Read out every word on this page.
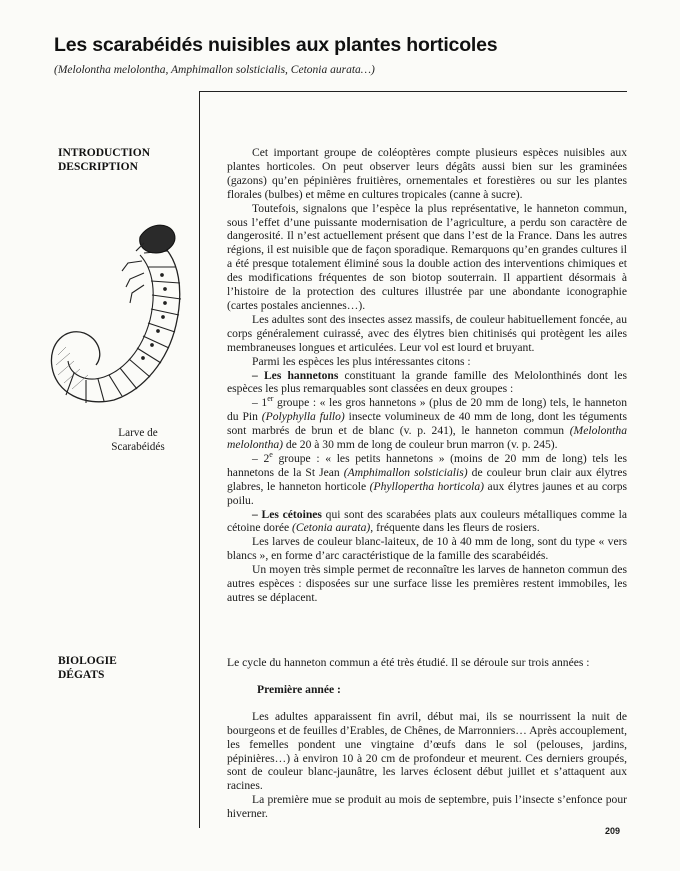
Les scarabéidés nuisibles aux plantes horticoles
(Melolontha melolontha, Amphimallon solsticialis, Cetonia aurata…)
INTRODUCTION
DESCRIPTION
Larve de
Scarabéidés
BIOLOGIE
DÉGATS

Cet important groupe de coléoptères compte plusieurs espèces nuisibles aux plantes horticoles. On peut observer leurs dégâts aussi bien sur les graminées (gazons) qu’en pépinières fruitières, ornementales et forestières ou sur les plantes florales (bulbes) et même en cultures tropicales (canne à sucre).

Toutefois, signalons que l’espèce la plus représentative, le hanneton commun, sous l’effet d’une puissante modernisation de l’agriculture, a perdu son caractère de dangerosité. Il n’est actuellement présent que dans l’est de la France. Dans les autres régions, il est nuisible que de façon sporadique. Remarquons qu’en grandes cultures il a été presque totalement éliminé sous la double action des interventions chimiques et des modifications fréquentes de son biotop souterrain. Il appartient désormais à l’histoire de la protection des cultures illustrée par une abondante iconographie (cartes postales anciennes…).

Les adultes sont des insectes assez massifs, de couleur habituellement foncée, au corps généralement cuirassé, avec des élytres bien chitinisés qui protègent les ailes membraneuses longues et articulées. Leur vol est lourd et bruyant.

Parmi les espèces les plus intéressantes citons :

– Les hannetons constituant la grande famille des Melolonthinés dont les espèces les plus remarquables sont classées en deux groupes :

– 1er groupe : « les gros hannetons » (plus de 20 mm de long) tels, le hanneton du Pin (Polyphylla fullo) insecte volumineux de 40 mm de long, dont les téguments sont marbrés de brun et de blanc (v. p. 241), le hanneton commun (Melolontha melolontha) de 20 à 30 mm de long de couleur brun marron (v. p. 245).

– 2e groupe : « les petits hannetons » (moins de 20 mm de long) tels les hannetons de la St Jean (Amphimallon solsticialis) de couleur brun clair aux élytres glabres, le hanneton horticole (Phyllopertha horticola) aux élytres jaunes et au corps poilu.

– Les cétoines qui sont des scarabées plats aux couleurs métalliques comme la cétoine dorée (Cetonia aurata), fréquente dans les fleurs de rosiers.

Les larves de couleur blanc-laiteux, de 10 à 40 mm de long, sont du type « vers blancs », en forme d’arc caractéristique de la famille des scarabéidés.

Un moyen très simple permet de reconnaître les larves de hanneton commun des autres espèces : disposées sur une surface lisse les premières restent immobiles, les autres se déplacent.

Le cycle du hanneton commun a été très étudié. Il se déroule sur trois années :

Première année :

Les adultes apparaissent fin avril, début mai, ils se nourrissent la nuit de bourgeons et de feuilles d’Erables, de Chênes, de Marronniers… Après accouplement, les femelles pondent une vingtaine d’œufs dans le sol (pelouses, jardins, pépinières…) à environ 10 à 20 cm de profondeur et meurent. Ces derniers groupés, sont de couleur blanc-jaunâtre, les larves éclosent début juillet et s’attaquent aux racines.

La première mue se produit au mois de septembre, puis l’insecte s’enfonce pour hiverner.

209
